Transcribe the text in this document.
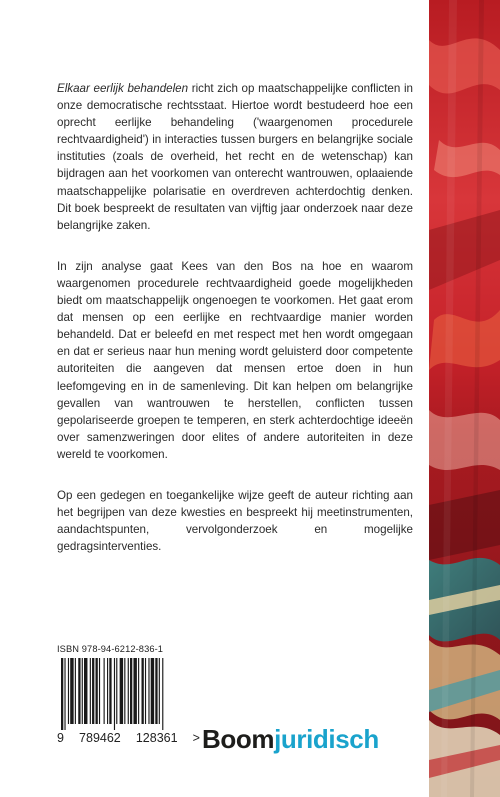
Elkaar eerlijk behandelen richt zich op maatschappelijke conflicten in onze democratische rechtsstaat. Hiertoe wordt bestudeerd hoe een oprecht eerlijke behandeling ('waargenomen procedurele rechtvaardigheid') in interacties tussen burgers en belangrijke sociale instituties (zoals de overheid, het recht en de wetenschap) kan bijdragen aan het voorkomen van onterecht wantrouwen, oplaaiende maatschappelijke polarisatie en overdreven achterdochtig denken. Dit boek bespreekt de resultaten van vijftig jaar onderzoek naar deze belangrijke zaken.

In zijn analyse gaat Kees van den Bos na hoe en waarom waargenomen procedurele rechtvaardigheid goede mogelijkheden biedt om maatschappelijk ongenoegen te voorkomen. Het gaat erom dat mensen op een eerlijke en rechtvaardige manier worden behandeld. Dat er beleefd en met respect met hen wordt omgegaan en dat er serieus naar hun mening wordt geluisterd door competente autoriteiten die aangeven dat mensen ertoe doen in hun leefomgeving en in de samenleving. Dit kan helpen om belangrijke gevallen van wantrouwen te herstellen, conflicten tussen gepolariseerde groepen te temperen, en sterk achterdochtige ideeën over samenzweringen door elites of andere autoriteiten in deze wereld te voorkomen.

Op een gedegen en toegankelijke wijze geeft de auteur richting aan het begrijpen van deze kwesties en bespreekt hij meetinstrumenten, aandachtspunten, vervolgonderzoek en mogelijke gedragsinterventies.

ISBN 978-94-6212-836-1
9 789462 128361 > Boomjuridisch
